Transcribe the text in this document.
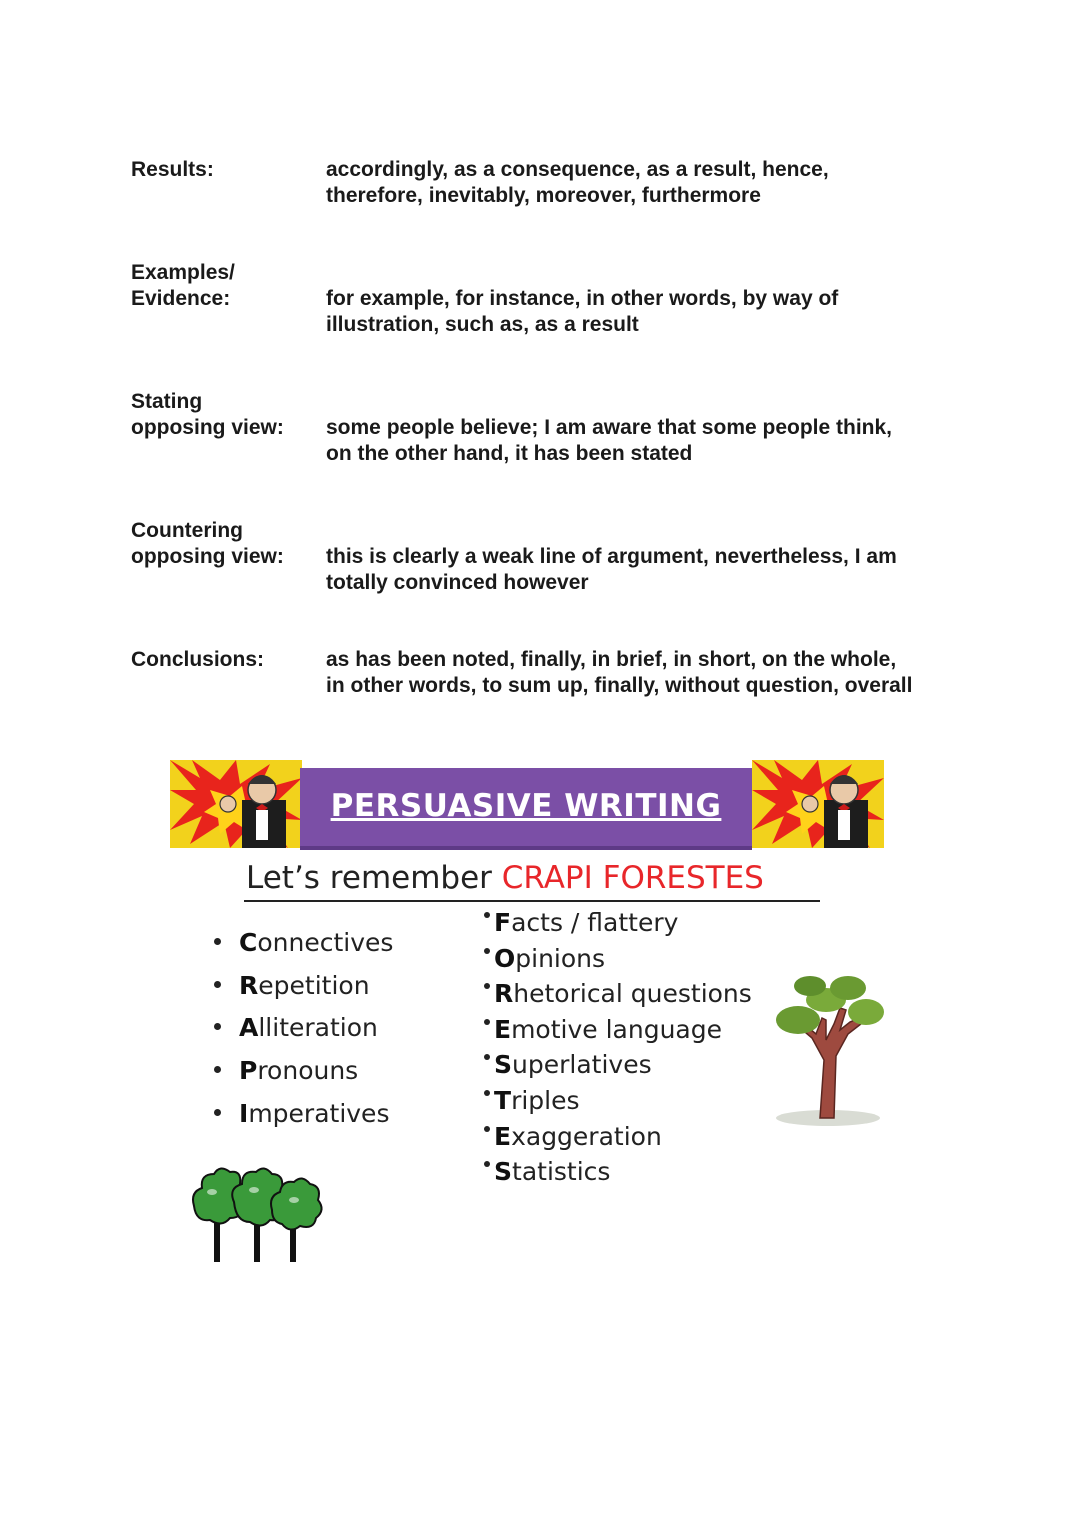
Results:	accordingly, as a consequence, as a result, hence,
therefore, inevitably, moreover, furthermore
Examples/
Evidence:	for example, for instance, in other words, by way of
illustration, such as, as a result
Stating
opposing view:	some people believe; I am aware that some people think,
on the other hand, it has been stated
Countering
opposing view:	this is clearly a weak line of argument, nevertheless, I am
totally convinced however
Conclusions:	as has been noted, finally, in brief, in short, on the whole,
in other words, to sum up, finally, without question, overall
PERSUASIVE WRITING
Let’s remember CRAPI FORESTES
Connectives
Repetition
Alliteration
Pronouns
Imperatives
Facts / flattery
Opinions
Rhetorical questions
Emotive language
Superlatives
Triples
Exaggeration
Statistics
